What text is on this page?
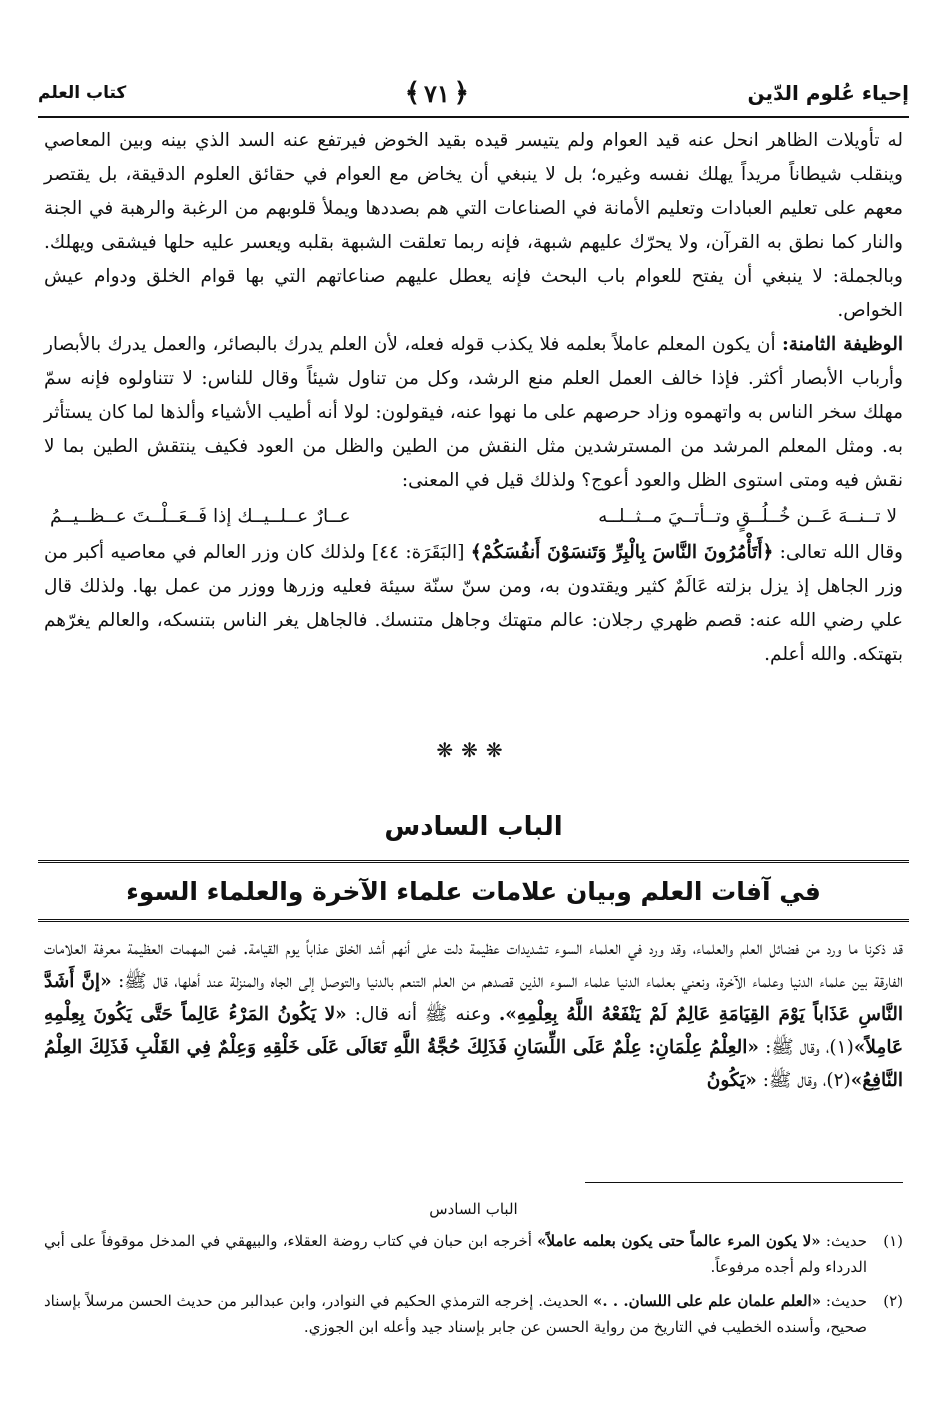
إحياء عُلوم الدّين
﴿
٧١
﴾
كتاب العلم

له تأويلات الظاهر انحل عنه قيد العوام ولم يتيسر قيده بقيد الخوض فيرتفع عنه السد الذي بينه وبين المعاصي وينقلب شيطاناً مريداً يهلك نفسه وغيره؛ بل لا ينبغي أن يخاض مع العوام في حقائق العلوم الدقيقة، بل يقتصر معهم على تعليم العبادات وتعليم الأمانة في الصناعات التي هم بصددها ويملأ قلوبهم من الرغبة والرهبة في الجنة والنار كما نطق به القرآن، ولا يحرّك عليهم شبهة، فإنه ربما تعلقت الشبهة بقلبه ويعسر عليه حلها فيشقى ويهلك. وبالجملة: لا ينبغي أن يفتح للعوام باب البحث فإنه يعطل عليهم صناعاتهم التي بها قوام الخلق ودوام عيش الخواص.

الوظيفة الثامنة: أن يكون المعلم عاملاً بعلمه فلا يكذب قوله فعله، لأن العلم يدرك بالبصائر، والعمل يدرك بالأبصار وأرباب الأبصار أكثر. فإذا خالف العمل العلم منع الرشد، وكل من تناول شيئاً وقال للناس: لا تتناولوه فإنه سمّ مهلك سخر الناس به واتهموه وزاد حرصهم على ما نهوا عنه، فيقولون: لولا أنه أطيب الأشياء وألذها لما كان يستأثر به. ومثل المعلم المرشد من المسترشدين مثل النقش من الطين والظل من العود فكيف ينتقش الطين بما لا نقش فيه ومتى استوى الظل والعود أعوج؟ ولذلك قيل في المعنى:

لا تــنــهَ عَــن خُــلُــقٍ وتــأتــيَ مــثــلــه
عــارٌ عــلــيــك إذا فَــعَــلْــتَ عــظــيــمُ

وقال الله تعالى: ﴿أَتَأْمُرُونَ النَّاسَ بِالْبِرِّ وَتَنسَوْنَ أَنفُسَكُمْ﴾ [البَقَرَة: ٤٤] ولذلك كان وزر العالم في معاصيه أكبر من وزر الجاهل إذ يزل بزلته عَالَمٌ كثير ويقتدون به، ومن سنّ سنّة سيئة فعليه وزرها ووزر من عمل بها. ولذلك قال علي رضي الله عنه: قصم ظهري رجلان: عالم متهتك وجاهل متنسك. فالجاهل يغر الناس بتنسكه، والعالم يغرّهم بتهتكه. والله أعلم.

❋❋❋
الباب السادس
في آفات العلم وبيان علامات علماء الآخرة والعلماء السوء

قد ذكرنا ما ورد من فضائل العلم والعلماء، وقد ورد في العلماء السوء تشديدات عظيمة دلت على أنهم أشد الخلق عذاباً يوم القيامة. فمن المهمات العظيمة معرفة العلامات الفارقة بين علماء الدنيا وعلماء الآخرة، ونعني بعلماء الدنيا علماء السوء الذين قصدهم من العلم التنعم بالدنيا والتوصل إلى الجاه والمنزلة عند أهلها، قال ﷺ: «إنَّ أَشَدَّ النَّاسِ عَذَاباً يَوْمَ القِيَامَةِ عَالِمٌ لَمْ يَنْفَعْهُ اللَّهُ بِعِلْمِهِ». وعنه ﷺ أنه قال: «لا يَكُونُ المَرْءُ عَالِماً حَتَّى يَكُونَ بِعِلْمِهِ عَامِلاً»(١)، وقال ﷺ: «العِلْمُ عِلْمَانِ: عِلْمٌ عَلَى اللِّسَانِ فَذَلِكَ حُجَّةُ اللَّهِ تَعَالَى عَلَى خَلْقِهِ وَعِلْمٌ فِي القَلْبِ فَذَلِكَ العِلْمُ النَّافِعُ»(٢)، وقال ﷺ: «يَكُونُ

الباب السادس
(١)
حديث: «لا يكون المرء عالماً حتى يكون بعلمه عاملاً» أخرجه ابن حبان في كتاب روضة العقلاء، والبيهقي في المدخل موقوفاً على أبي الدرداء ولم أجده مرفوعاً.
(٢)
حديث: «العلم علمان علم على اللسان. . .» الحديث. إخرجه الترمذي الحكيم في النوادر، وابن عبدالبر من حديث الحسن مرسلاً بإسناد صحيح، وأسنده الخطيب في التاريخ من رواية الحسن عن جابر بإسناد جيد وأعله ابن الجوزي.
